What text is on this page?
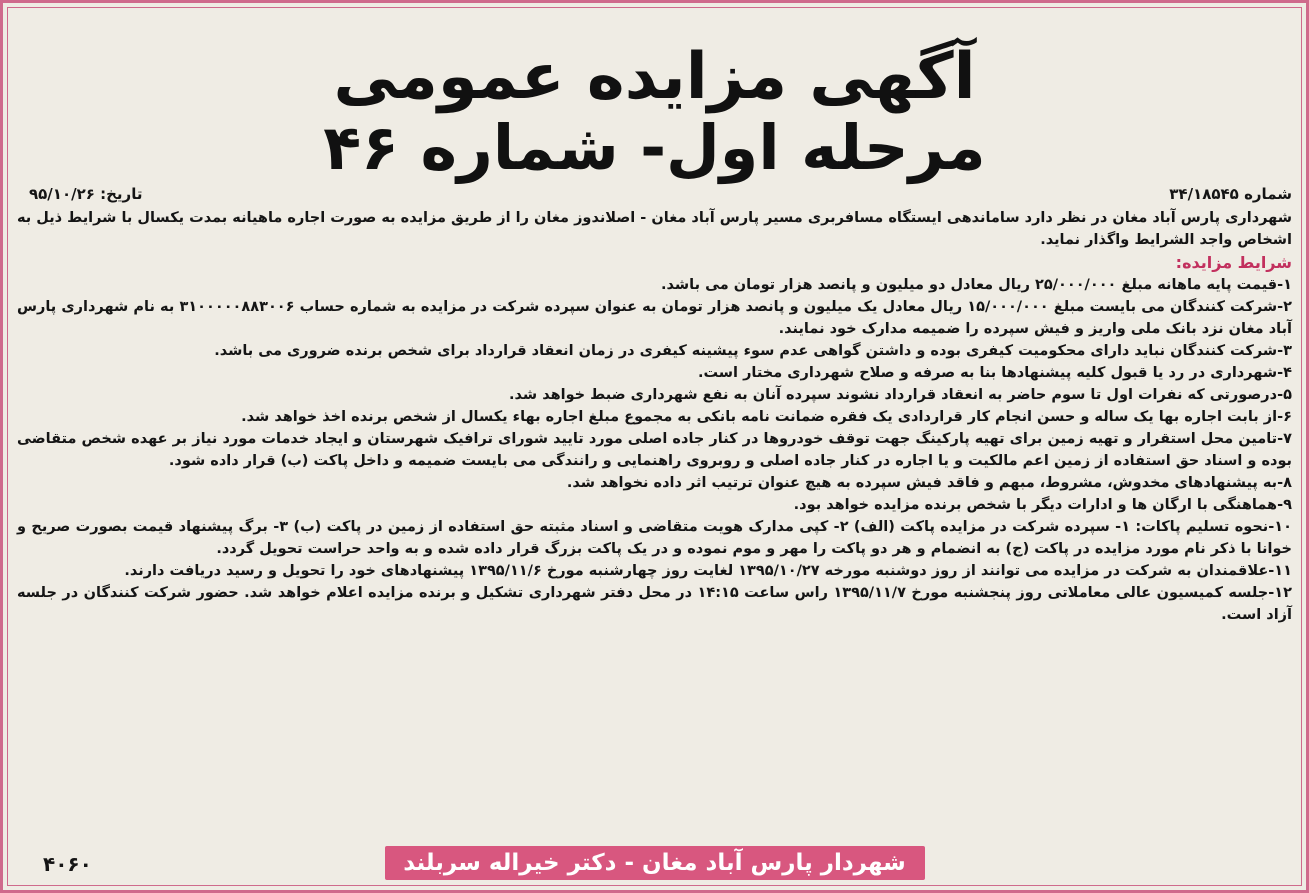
آگهی مزایده عمومی
مرحله اول- شماره ۴۶
شماره ۳۴/۱۸۵۴۵
تاریخ: ۹۵/۱۰/۲۶

شهرداری پارس آباد مغان در نظر دارد ساماندهی ایستگاه مسافربری مسیر پارس آباد مغان - اصلاندوز مغان را از طریق مزایده به صورت اجاره ماهیانه بمدت یکسال با شرایط ذیل به اشخاص واجد الشرایط واگذار نماید.

شرایط مزایده:

۱-قیمت پایه ماهانه مبلغ ۲۵/۰۰۰/۰۰۰ ریال معادل دو میلیون و پانصد هزار تومان می باشد.

۲-شرکت کنندگان می بایست مبلغ ۱۵/۰۰۰/۰۰۰ ریال معادل یک میلیون و پانصد هزار تومان به عنوان سپرده شرکت در مزایده به شماره حساب ۳۱۰۰۰۰۰۸۸۳۰۰۶ به نام شهرداری پارس آباد مغان نزد بانک ملی واریز و فیش سپرده را ضمیمه مدارک خود نمایند.

۳-شرکت کنندگان نباید دارای محکومیت کیفری بوده و داشتن گواهی عدم سوء پیشینه کیفری در زمان انعقاد قرارداد برای شخص برنده ضروری می باشد.

۴-شهرداری در رد یا قبول کلیه پیشنهادها بنا به صرفه و صلاح شهرداری مختار است.

۵-درصورتی که نفرات اول تا سوم حاضر به انعقاد قرارداد نشوند سپرده آنان به نفع شهرداری ضبط خواهد شد.

۶-از بابت اجاره بها یک ساله و حسن انجام کار قراردادی یک فقره ضمانت نامه بانکی به مجموع مبلغ اجاره بهاء یکسال از شخص برنده اخذ خواهد شد.

۷-تامین محل استقرار و تهیه زمین برای تهیه پارکینگ جهت توقف خودروها در کنار جاده اصلی مورد تایید شورای ترافیک شهرستان و ایجاد خدمات مورد نیاز بر عهده شخص متقاضی بوده و اسناد حق استفاده از زمین اعم مالکیت و یا اجاره در کنار جاده اصلی و روبروی راهنمایی و رانندگی می بایست ضمیمه و داخل پاکت (ب) قرار داده شود.

۸-به پیشنهادهای مخدوش، مشروط، مبهم و فاقد فیش سپرده به هیچ عنوان ترتیب اثر داده نخواهد شد.

۹-هماهنگی با ارگان ها و ادارات دیگر با شخص برنده مزایده خواهد بود.

۱۰-نحوه تسلیم پاکات: ۱- سپرده شرکت در مزایده پاکت (الف) ۲- کپی مدارک هویت متقاضی و اسناد مثبته حق استفاده از زمین در پاکت (ب) ۳- برگ پیشنهاد قیمت بصورت صریح و خوانا با ذکر نام مورد مزایده در پاکت (ج) به انضمام و هر دو پاکت را مهر و موم نموده و در یک پاکت بزرگ قرار داده شده و به واحد حراست تحویل گردد.

۱۱-علاقمندان به شرکت در مزایده می توانند از روز دوشنبه مورخه ۱۳۹۵/۱۰/۲۷ لغایت روز چهارشنبه مورخ ۱۳۹۵/۱۱/۶ پیشنهادهای خود را تحویل و رسید دریافت دارند.

۱۲-جلسه کمیسیون عالی معاملاتی روز پنجشنبه مورخ ۱۳۹۵/۱۱/۷ راس ساعت ۱۴:۱۵ در محل دفتر شهرداری تشکیل و برنده مزایده اعلام خواهد شد. حضور شرکت کنندگان در جلسه آزاد است.

شهردار پارس آباد مغان - دکتر خیراله سربلند
۴۰۶۰
